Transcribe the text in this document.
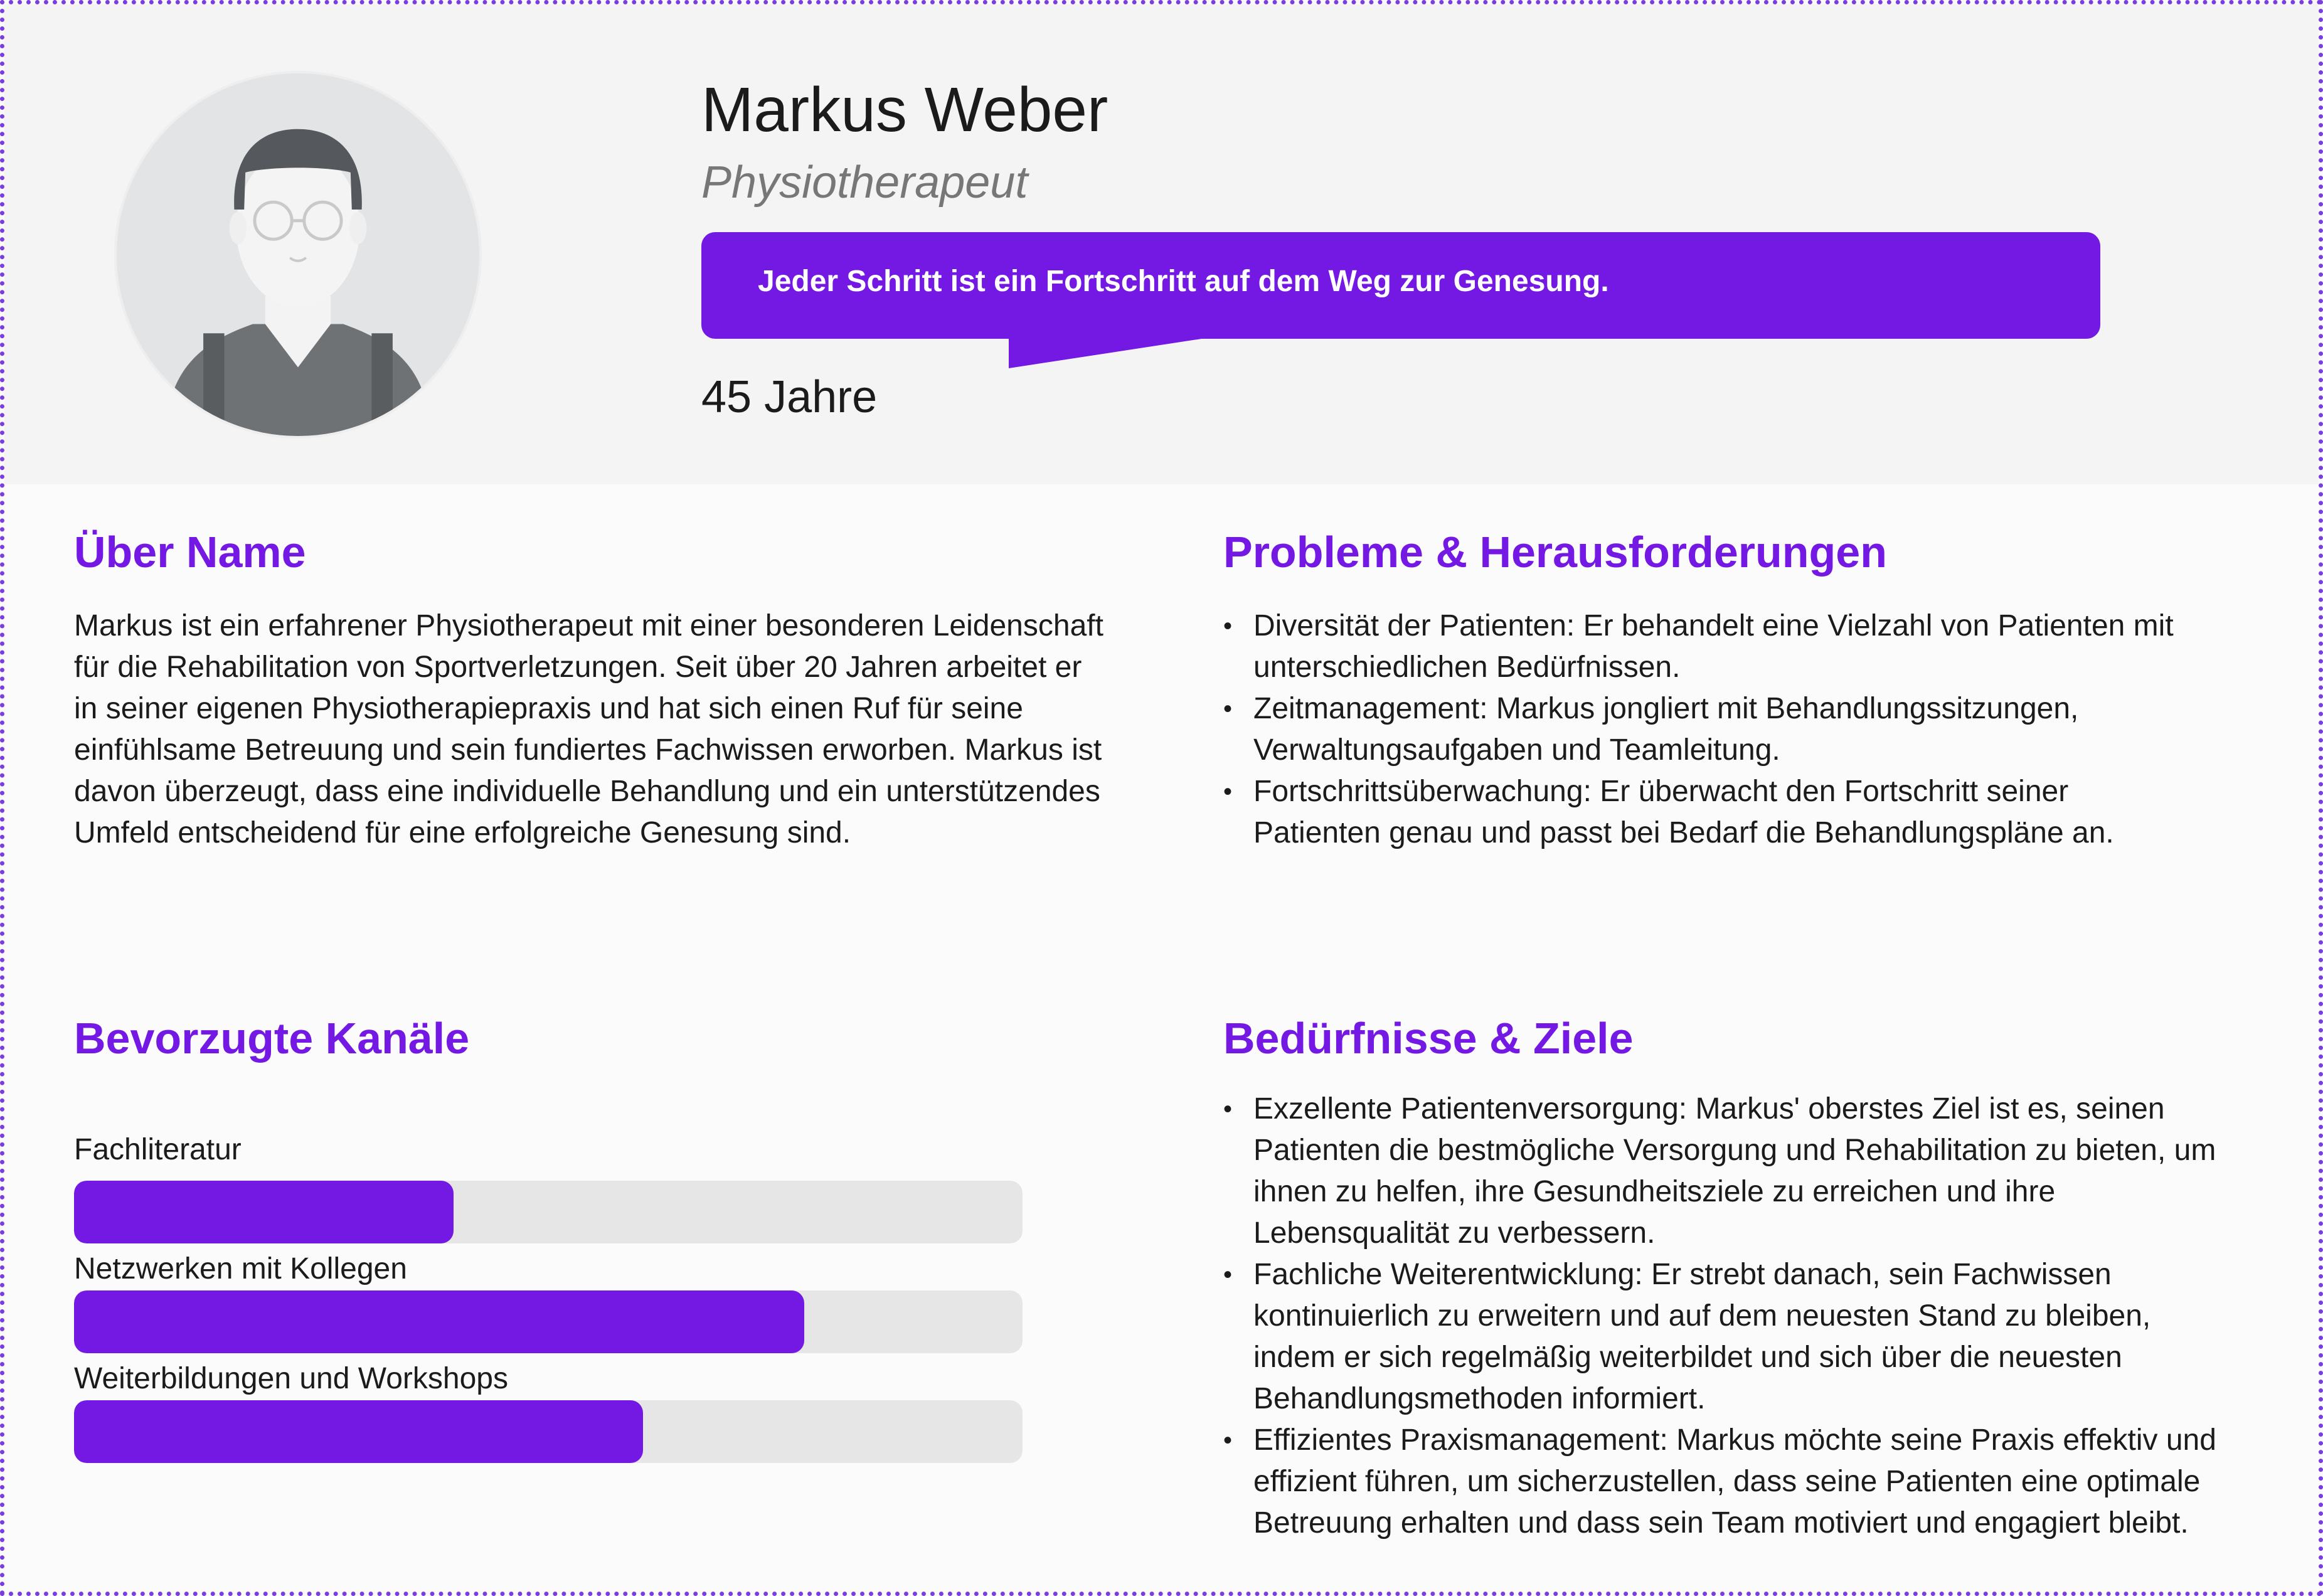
Markus Weber
Physiotherapeut
Jeder Schritt ist ein Fortschritt auf dem Weg zur Genesung.
45 Jahre
Über Name
Markus ist ein erfahrener Physiotherapeut mit einer besonderen Leidenschaft
für die Rehabilitation von Sportverletzungen. Seit über 20 Jahren arbeitet er
in seiner eigenen Physiotherapiepraxis und hat sich einen Ruf für seine
einfühlsame Betreuung und sein fundiertes Fachwissen erworben. Markus ist
davon überzeugt, dass eine individuelle Behandlung und ein unterstützendes
Umfeld entscheidend für eine erfolgreiche Genesung sind.
Probleme & Herausforderungen
• Diversität der Patienten: Er behandelt eine Vielzahl von Patienten mit unterschiedlichen Bedürfnissen.
• Zeitmanagement: Markus jongliert mit Behandlungssitzungen, Verwaltungsaufgaben und Teamleitung.
• Fortschrittsüberwachung: Er überwacht den Fortschritt seiner Patienten genau und passt bei Bedarf die Behandlungspläne an.
Bevorzugte Kanäle
Fachliteratur
Netzwerken mit Kollegen
Weiterbildungen und Workshops
Bedürfnisse & Ziele
• Exzellente Patientenversorgung: Markus' oberstes Ziel ist es, seinen Patienten die bestmögliche Versorgung und Rehabilitation zu bieten, um ihnen zu helfen, ihre Gesundheitsziele zu erreichen und ihre Lebensqualität zu verbessern.
• Fachliche Weiterentwicklung: Er strebt danach, sein Fachwissen kontinuierlich zu erweitern und auf dem neuesten Stand zu bleiben, indem er sich regelmäßig weiterbildet und sich über die neuesten Behandlungsmethoden informiert.
• Effizientes Praxismanagement: Markus möchte seine Praxis effektiv und effizient führen, um sicherzustellen, dass seine Patienten eine optimale Betreuung erhalten und dass sein Team motiviert und engagiert bleibt.
